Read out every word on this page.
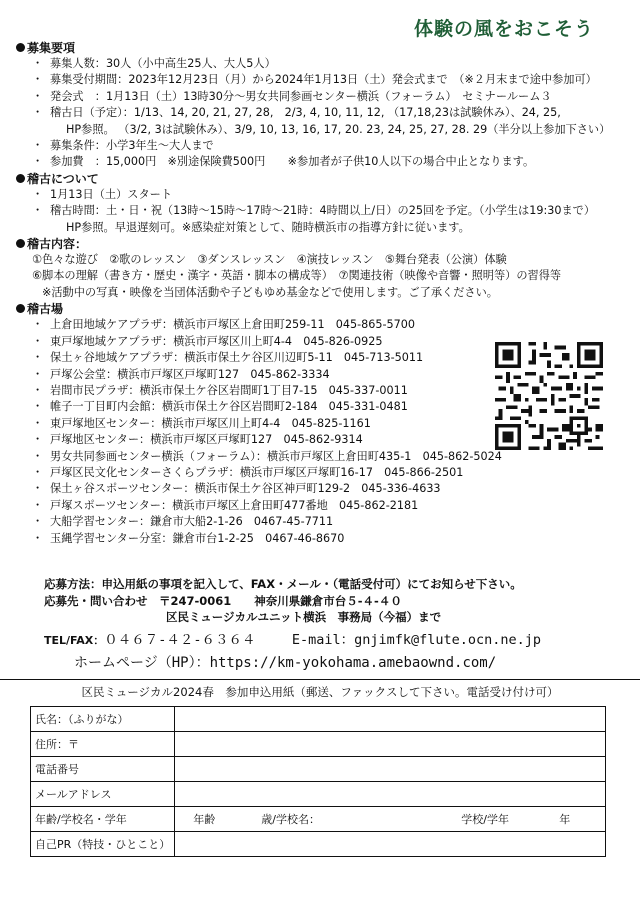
体験の風をおこそう
募集要項
・ 募集人数：30人（小中高生25人、大人5人）
・ 募集受付期間：2023年12月23日（月）から2024年1月13日（土）発会式まで　（※２月末まで途中参加可）
・ 発会式　：1月13日（土）13時30分～男女共同参画センター横浜（フォーラム）　セミナールーム３
・ 稽古日（予定）：1/13、14, 20, 21, 27, 28,　2/3, 4, 10, 11, 12, （17,18,23は試験休み）、24, 25,
HP参照。 （3/2, 3は試験休み）、3/9, 10, 13, 16, 17, 20. 23, 24, 25, 27, 28. 29（半分以上参加下さい）
・ 募集条件：小学3年生～大人まで
・ 参加費　：15,000円　※別途保険費500円　　※参加者が子供10人以下の場合中止となります。
稽古について
・ 1月13日（土）スタート
・ 稽古時間：土・日・祝（13時～15時～17時～21時：4時間以上/日）の25回を予定。（小学生は19:30まで）
HP参照。早退遅刻可。※感染症対策として、随時横浜市の指導方針に従います。
稽古内容：
①色々な遊び　②歌のレッスン　③ダンスレッスン　④演技レッスン　⑤舞台発表（公演）体験
⑥脚本の理解（書き方・歴史・漢字・英語・脚本の構成等）　⑦関連技術（映像や音響・照明等）の習得等
※活動中の写真・映像を当団体活動や子どもゆめ基金などで使用します。ご了承ください。
稽古場
・ 上倉田地域ケアプラザ：横浜市戸塚区上倉田町259-11　045-865-5700
・ 東戸塚地域ケアプラザ：横浜市戸塚区川上町4-4　045-826-0925
・ 保土ヶ谷地域ケアプラザ：横浜市保土ケ谷区川辺町5-11　045-713-5011
・ 戸塚公会堂：横浜市戸塚区戸塚町127　045-862-3334
・ 岩間市民プラザ：横浜市保土ケ谷区岩間町1丁目7-15　045-337-0011
・ 帷子一丁目町内会館：横浜市保土ケ谷区岩間町2-184　045-331-0481
・ 東戸塚地区センター：横浜市戸塚区川上町4-4　045-825-1161
・ 戸塚地区センター：横浜市戸塚区戸塚町127　045-862-9314
・ 男女共同参画センター横浜（フォーラム）：横浜市戸塚区上倉田町435-1　045-862-5024
・ 戸塚区民文化センターさくらプラザ：横浜市戸塚区戸塚町16-17　045-866-2501
・ 保土ヶ谷スポーツセンター：横浜市保土ケ谷区神戸町129-2　045-336-4633
・ 戸塚スポーツセンター：横浜市戸塚区上倉田町477番地　045-862-2181
・ 大船学習センター：鎌倉市大船2-1-26　0467-45-7711
・ 玉縄学習センター分室：鎌倉市台1-2-25　0467-46-8670
応募方法：申込用紙の事項を記入して、FAX・メール・（電話受付可）にてお知らせ下さい。
応募先・問い合わせ　〒247-0061　　神奈川県鎌倉市台５-４-４０
区民ミュージカルユニット横浜　事務局（今福）まで
TEL/FAX：０４６７-４２-６３６４	E-mail：gnjimfk@flute.ocn.ne.jp
ホームページ（HP）：https://km-yokohama.amebaownd.com/
区民ミュージカル2024春　参加申込用紙（郵送、ファックスして下さい。電話受け付け可）
氏名：（ふりがな）	
住所：〒	
電話番号	
メールアドレス	
年齢/学校名・学年	年齢 歳/学校名： 学校/学年 年

自己PR（特技・ひとこと）	
